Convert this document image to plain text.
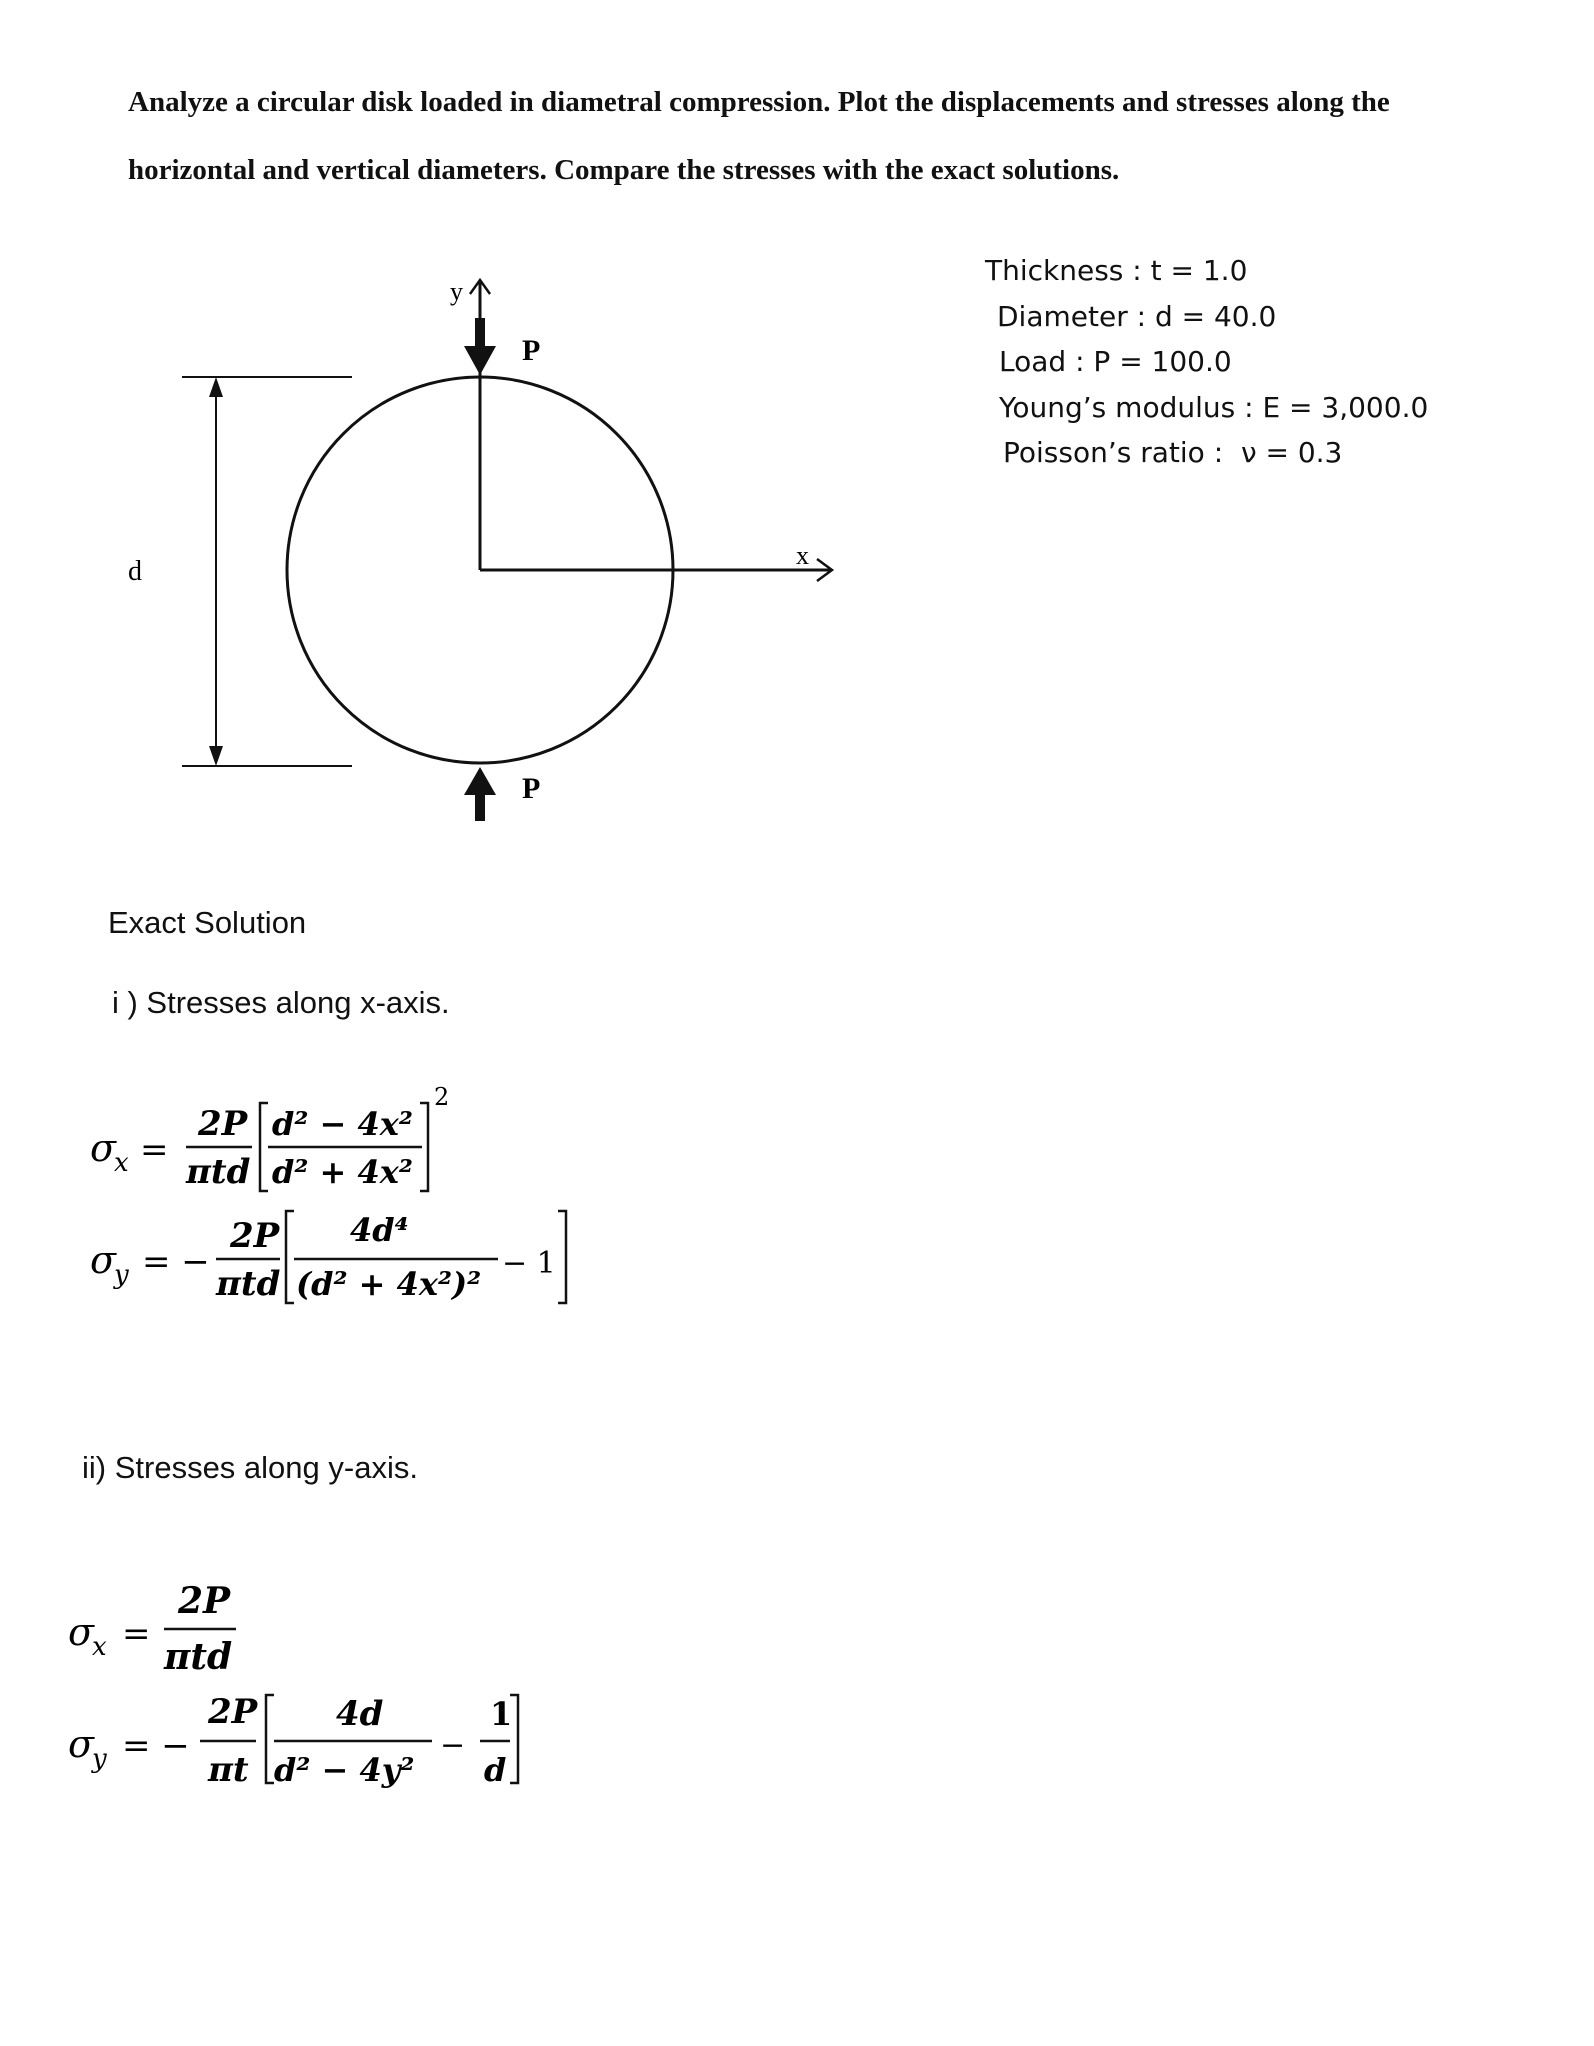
Analyze a circular disk loaded in diametral compression. Plot the displacements and stresses along the

horizontal and vertical diameters. Compare the stresses with the exact solutions.

d
y
x
P
P
Thickness : t = 1.0
Diameter : d = 40.0
Load : P = 100.0
Young’s modulus : E = 3,000.0
Poisson’s ratio :  ν = 0.3
Exact Solution
i ) Stresses along x-axis.
σ
x =
2P
πtd
d² − 4x²
d² + 4x²
2
σ
y = −
2P
πtd
4d⁴
(d² + 4x²)²
− 1
ii) Stresses along y-axis.
σ
x =
2P
πtd
σ
y = −
2P
πt
4d
d² − 4y²
−
1
d
